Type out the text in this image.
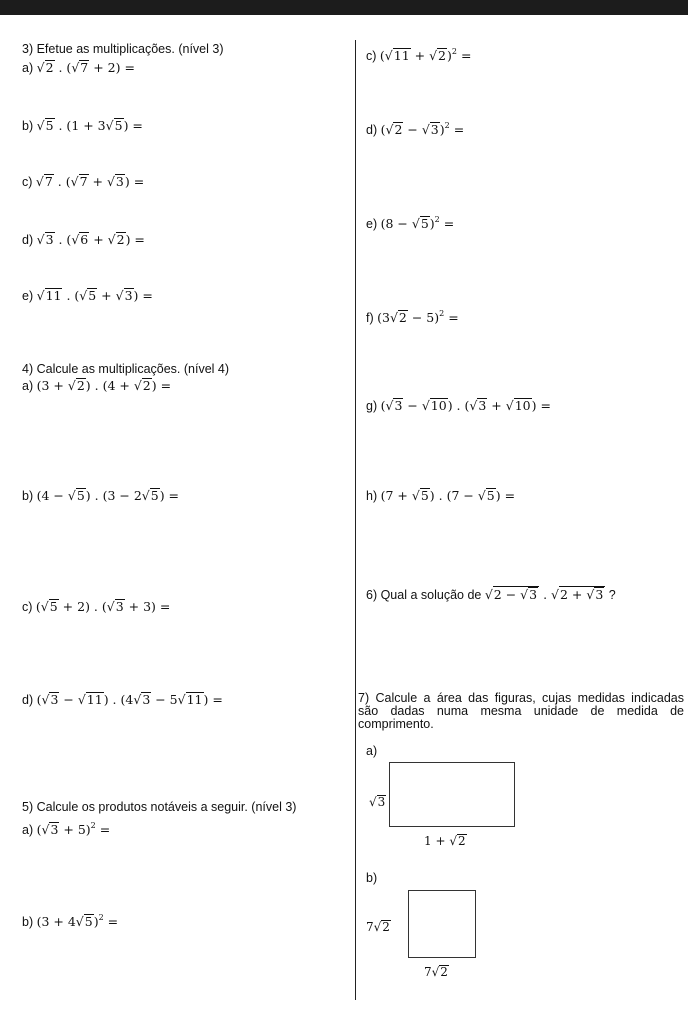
3) Efetue as multiplicações. (nível 3)
a) √2 . (√7 + 2) =
b) √5 . (1 + 3√5) =
c) √7 . (√7 + √3) =
d) √3 . (√6 + √2) =
e) √11 . (√5 + √3) =
4) Calcule as multiplicações. (nível 4)
a) (3 + √2) . (4 + √2) =
b) (4 − √5) . (3 − 2√5) =
c) (√5 + 2) . (√3 + 3) =
d) (√3 − √11) . (4√3 − 5√11) =
5) Calcule os produtos notáveis a seguir. (nível 3)
a) $(√3 + 5)^2$ =
b) $(3 + 4√5)^2$ =
c) $(√11 + √2)^2$ =
d) $(√2 - √3)^2$ =
e) $(8 - √5)^2$ =
f) $(3√2 - 5)^2$ =
g) (√3 − √10) . (√3 + √10) =
h) (7 + √5) . (7 − √5) =
6) Qual a solução de √2 − √3 . √2 + √3 ?
7) Calcule a área das figuras, cujas medidas indicadas são dadas numa mesma unidade de medida de comprimento.
a)
√3
1 + √2
b)
7√2
7√2
